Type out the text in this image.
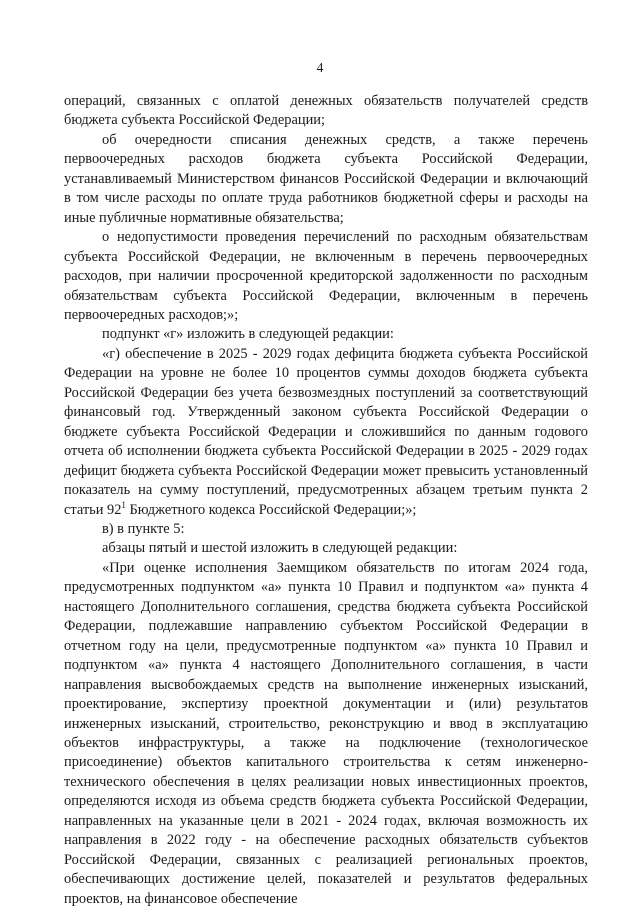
4

операций, связанных с оплатой денежных обязательств получателей средств бюджета субъекта Российской Федерации;

об очередности списания денежных средств, а также перечень первоочередных расходов бюджета субъекта Российской Федерации, устанавливаемый Министерством финансов Российской Федерации и включающий в том числе расходы по оплате труда работников бюджетной сферы и расходы на иные публичные нормативные обязательства;

о недопустимости проведения перечислений по расходным обязательствам субъекта Российской Федерации, не включенным в перечень первоочередных расходов, при наличии просроченной кредиторской задолженности по расходным обязательствам субъекта Российской Федерации, включенным в перечень первоочередных расходов;»;

подпункт «г» изложить в следующей редакции:

«г) обеспечение в 2025 - 2029 годах дефицита бюджета субъекта Российской Федерации на уровне не более 10 процентов суммы доходов бюджета субъекта Российской Федерации без учета безвозмездных поступлений за соответствующий финансовый год. Утвержденный законом субъекта Российской Федерации о бюджете субъекта Российской Федерации и сложившийся по данным годового отчета об исполнении бюджета субъекта Российской Федерации в 2025 - 2029 годах дефицит бюджета субъекта Российской Федерации может превысить установленный показатель на сумму поступлений, предусмотренных абзацем третьим пункта 2 статьи $92^1$ Бюджетного кодекса Российской Федерации;»;

в) в пункте 5:

абзацы пятый и шестой изложить в следующей редакции:

«При оценке исполнения Заемщиком обязательств по итогам 2024 года, предусмотренных подпунктом «а» пункта 10 Правил и подпунктом «а» пункта 4 настоящего Дополнительного соглашения, средства бюджета субъекта Российской Федерации, подлежавшие направлению субъектом Российской Федерации в отчетном году на цели, предусмотренные подпунктом «а» пункта 10 Правил и подпунктом «а» пункта 4 настоящего Дополнительного соглашения, в части направления высвобождаемых средств на выполнение инженерных изысканий, проектирование, экспертизу проектной документации и (или) результатов инженерных изысканий, строительство, реконструкцию и ввод в эксплуатацию объектов инфраструктуры, а также на подключение (технологическое присоединение) объектов капитального строительства к сетям инженерно-технического обеспечения в целях реализации новых инвестиционных проектов, определяются исходя из объема средств бюджета субъекта Российской Федерации, направленных на указанные цели в 2021 - 2024 годах, включая возможность их направления в 2022 году - на обеспечение расходных обязательств субъектов Российской Федерации, связанных с реализацией региональных проектов, обеспечивающих достижение целей, показателей и результатов федеральных проектов, на финансовое обеспечение
